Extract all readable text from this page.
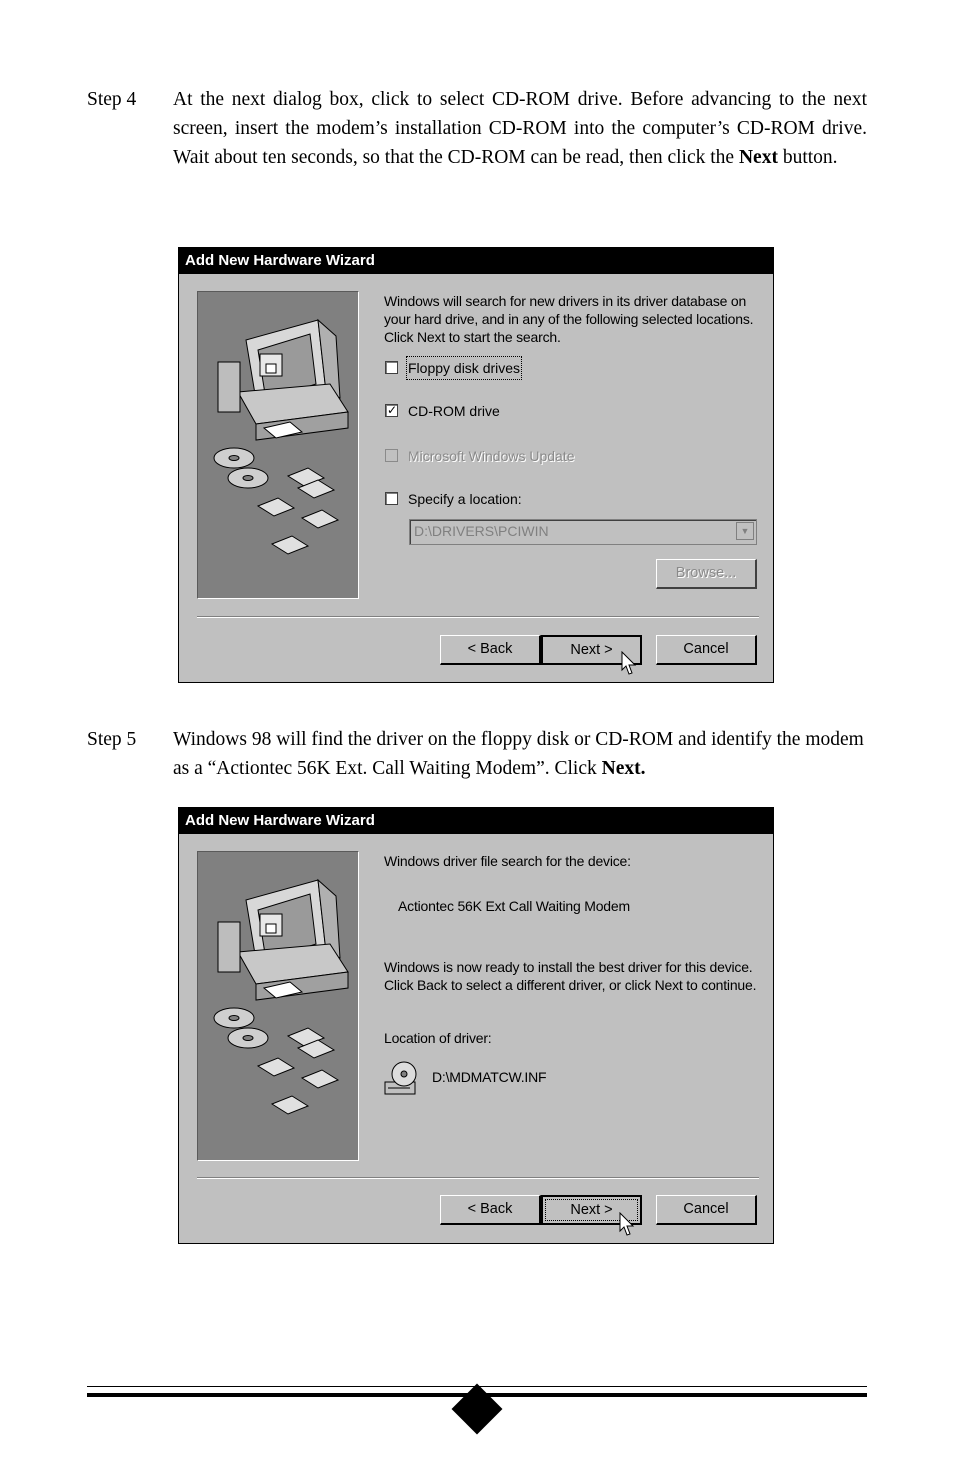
Step 4	At the next dialog box, click to select CD-ROM drive. Before advancing to the next screen, insert the modem’s installation CD-ROM into the computer’s CD-ROM drive. Wait about ten seconds, so that the CD-ROM can be read, then click the Next button.
Add New Hardware Wizard
Windows will search for new drivers in its driver database on your hard drive, and in any of the following selected locations. Click Next to start the search.
Floppy disk drives
✓ CD-ROM drive
Microsoft Windows Update
Specify a location:
D:\DRIVERS\PCIWIN	▼
Browse...
< Back	Next >	Cancel
Step 5	Windows 98 will find the driver on the floppy disk or CD-ROM and identify the modem as a “Actiontec 56K Ext. Call Waiting Modem”. Click Next.
Add New Hardware Wizard
Windows driver file search for the device:
Actiontec 56K Ext Call Waiting Modem
Windows is now ready to install the best driver for this device. Click Back to select a different driver, or click Next to continue.
Location of driver:
D:\MDMATCW.INF
< Back	Next >	Cancel
